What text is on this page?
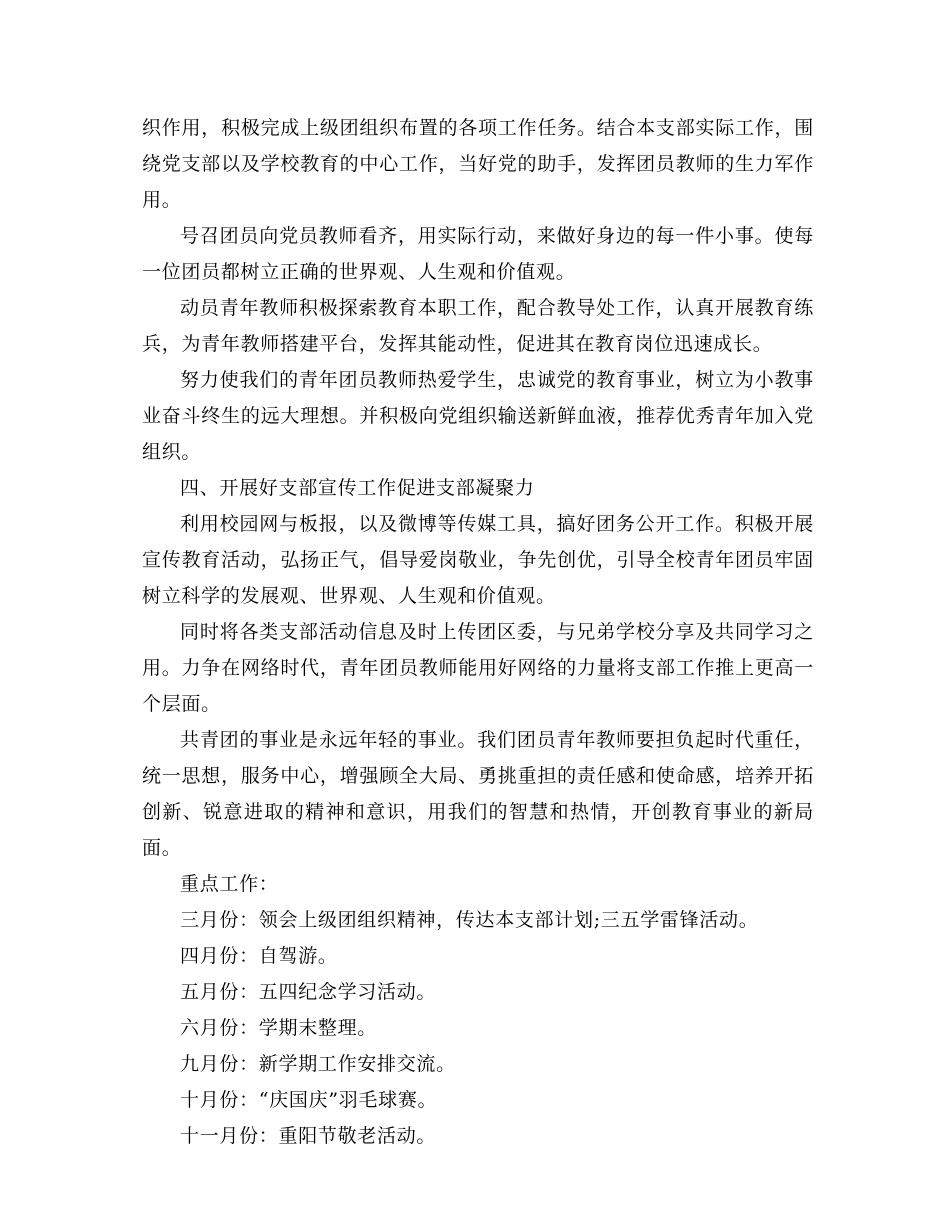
织作用，积极完成上级团组织布置的各项工作任务。结合本支部实际工作，围绕党支部以及学校教育的中心工作，当好党的助手，发挥团员教师的生力军作用。

号召团员向党员教师看齐，用实际行动，来做好身边的每一件小事。使每一位团员都树立正确的世界观、人生观和价值观。

动员青年教师积极探索教育本职工作，配合教导处工作，认真开展教育练兵，为青年教师搭建平台，发挥其能动性，促进其在教育岗位迅速成长。

努力使我们的青年团员教师热爱学生，忠诚党的教育事业，树立为小教事业奋斗终生的远大理想。并积极向党组织输送新鲜血液，推荐优秀青年加入党组织。

四、开展好支部宣传工作促进支部凝聚力

利用校园网与板报，以及微博等传媒工具，搞好团务公开工作。积极开展宣传教育活动，弘扬正气，倡导爱岗敬业，争先创优，引导全校青年团员牢固树立科学的发展观、世界观、人生观和价值观。

同时将各类支部活动信息及时上传团区委，与兄弟学校分享及共同学习之用。力争在网络时代，青年团员教师能用好网络的力量将支部工作推上更高一个层面。

共青团的事业是永远年轻的事业。我们团员青年教师要担负起时代重任，统一思想，服务中心，增强顾全大局、勇挑重担的责任感和使命感，培养开拓创新、锐意进取的精神和意识，用我们的智慧和热情，开创教育事业的新局面。

重点工作：

三月份：领会上级团组织精神，传达本支部计划;三五学雷锋活动。

四月份：自驾游。

五月份：五四纪念学习活动。

六月份：学期末整理。

九月份：新学期工作安排交流。

十月份：“庆国庆”羽毛球赛。

十一月份：重阳节敬老活动。
